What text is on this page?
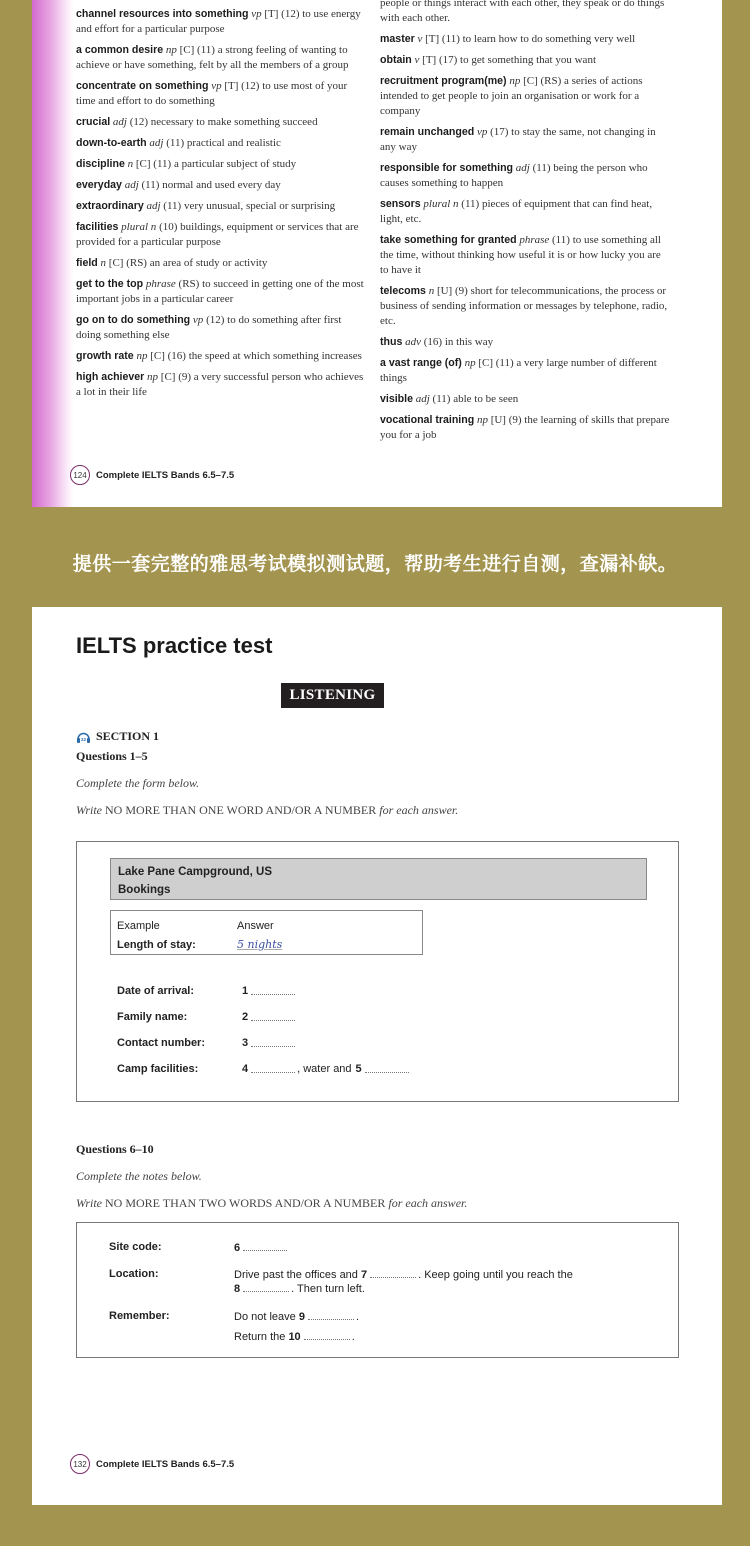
channel resources into something vp [T] (12) to use energy and effort for a particular purpose
a common desire np [C] (11) a strong feeling of wanting to achieve or have something, felt by all the members of a group
concentrate on something vp [T] (12) to use most of your time and effort to do something
crucial adj (12) necessary to make something succeed
down-to-earth adj (11) practical and realistic
discipline n [C] (11) a particular subject of study
everyday adj (11) normal and used every day
extraordinary adj (11) very unusual, special or surprising
facilities plural n (10) buildings, equipment or services that are provided for a particular purpose
field n [C] (RS) an area of study or activity
get to the top phrase (RS) to succeed in getting one of the most important jobs in a particular career
go on to do something vp (12) to do something after first doing something else
growth rate np [C] (16) the speed at which something increases
high achiever np [C] (9) a very successful person who achieves a lot in their life
people or things interact with each other, they speak or do things with each other.
master v [T] (11) to learn how to do something very well
obtain v [T] (17) to get something that you want
recruitment program(me) np [C] (RS) a series of actions intended to get people to join an organisation or work for a company
remain unchanged vp (17) to stay the same, not changing in any way
responsible for something adj (11) being the person who causes something to happen
sensors plural n (11) pieces of equipment that can find heat, light, etc.
take something for granted phrase (11) to use something all the time, without thinking how useful it is or how lucky you are to have it
telecoms n [U] (9) short for telecommunications, the process or business of sending information or messages by telephone, radio, etc.
thus adv (16) in this way
a vast range (of) np [C] (11) a very large number of different things
visible adj (11) able to be seen
vocational training np [U] (9) the learning of skills that prepare you for a job
124 Complete IELTS Bands 6.5–7.5
提供一套完整的雅思考试模拟测试题，帮助考生进行自测，查漏补缺。
IELTS practice test
LISTENING
22 SECTION 1
Questions 1–5
Complete the form below.
Write NO MORE THAN ONE WORD AND/OR A NUMBER for each answer.
Lake Pane Campground, US
Bookings
Example	Answer
Length of stay:	5 nights
Date of arrival:	1
Family name:	2
Contact number:	3
Camp facilities:	4	, water and 5
Questions 6–10
Complete the notes below.
Write NO MORE THAN TWO WORDS AND/OR A NUMBER for each answer.
Site code:	6
Location:	Drive past the offices and 7	. Keep going until you reach the
8	. Then turn left.
Remember:	Do not leave 9	.
Return the 10	.
132 Complete IELTS Bands 6.5–7.5
